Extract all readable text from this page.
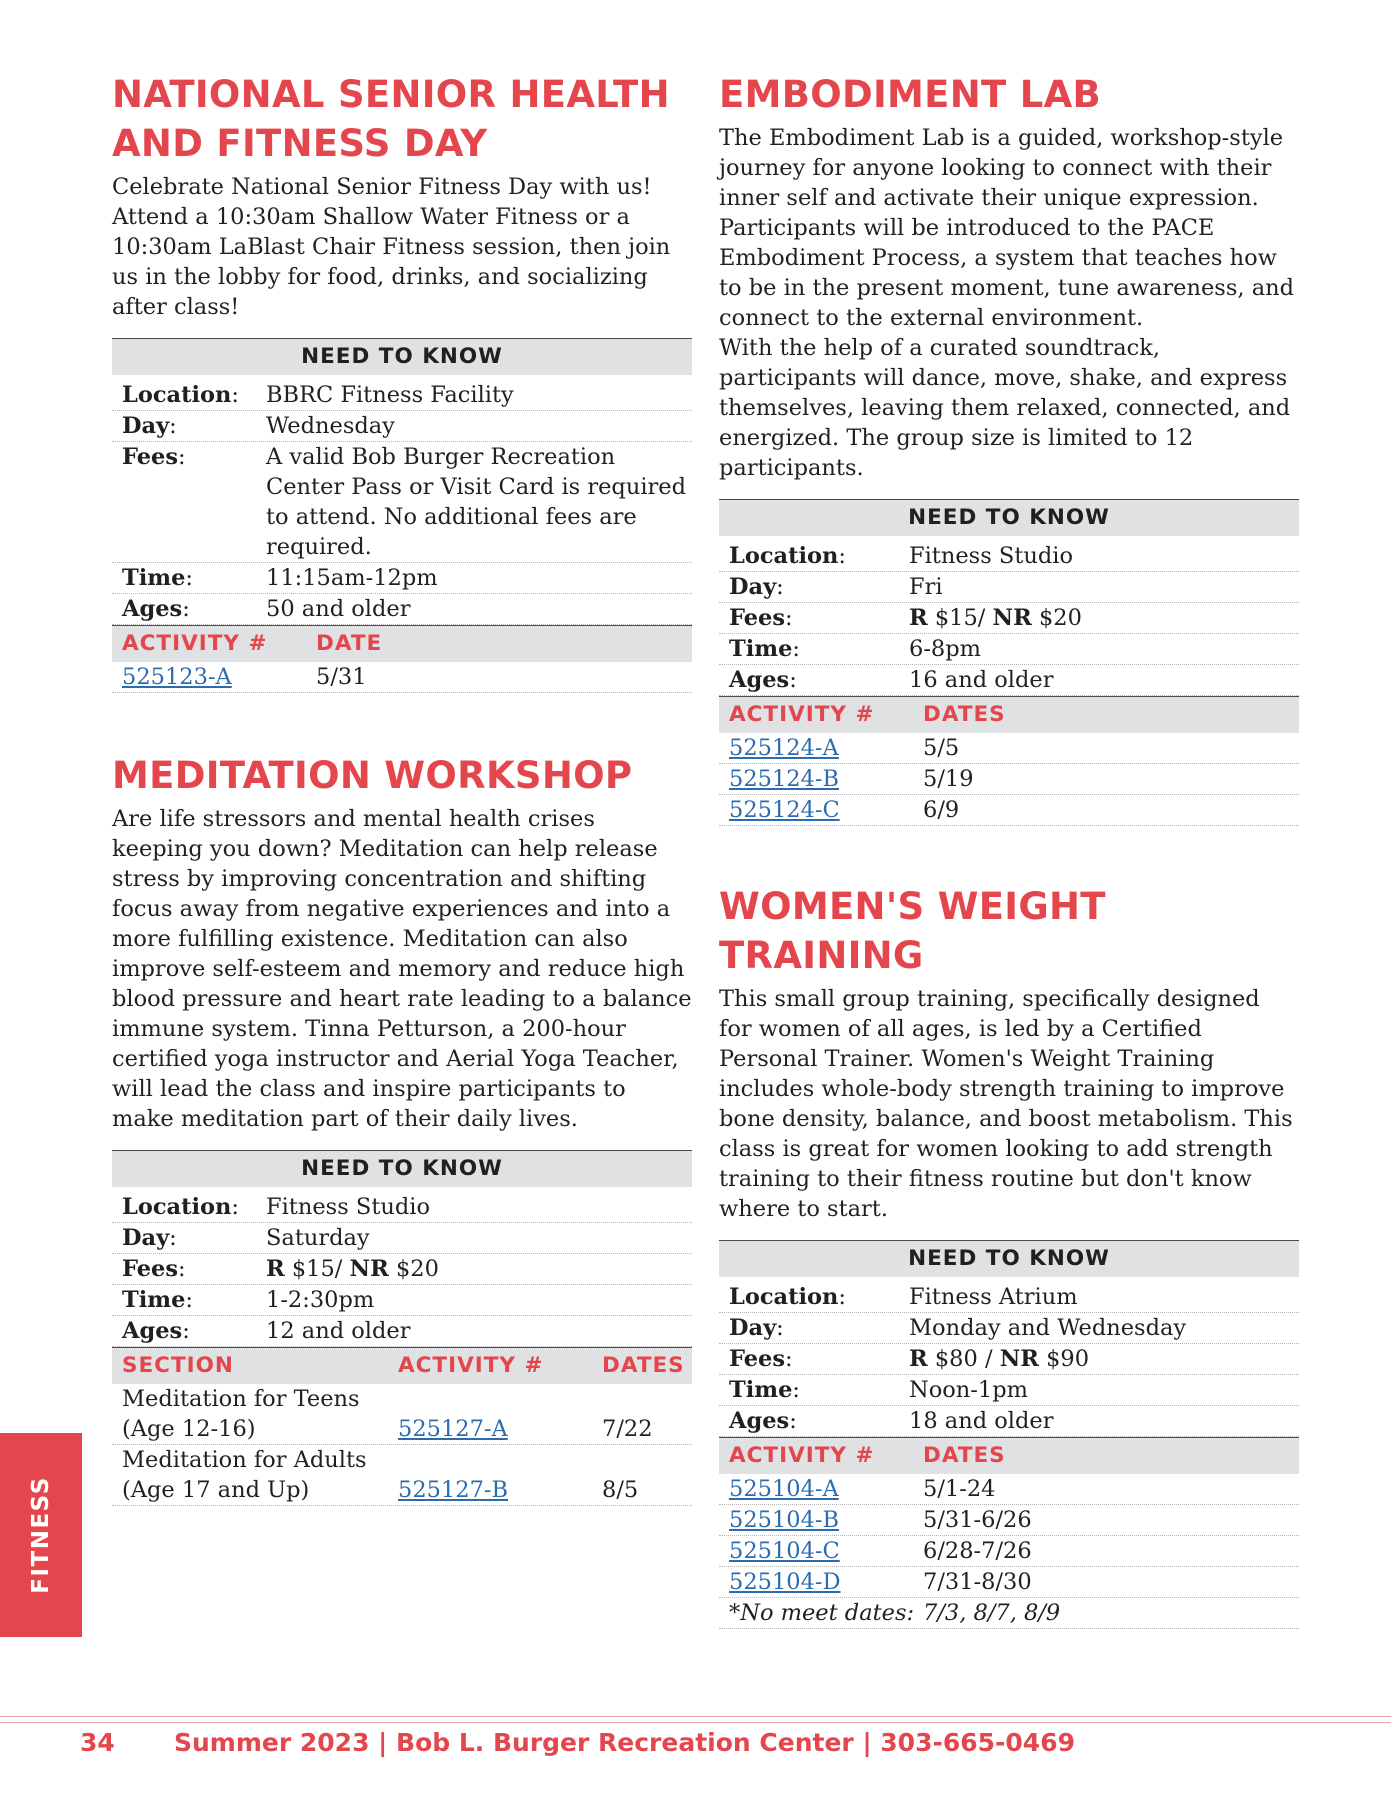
NATIONAL SENIOR HEALTH
AND FITNESS DAY

Celebrate National Senior Fitness Day with us! Attend a 10:30am Shallow Water Fitness or a 10:30am LaBlast Chair Fitness session, then join us in the lobby for food, drinks, and socializing after class!

NEED TO KNOW
Location:	BBRC Fitness Facility
Day:	Wednesday
Fees:	A valid Bob Burger Recreation Center Pass or Visit Card is required to attend. No additional fees are required.
Time:	11:15am-12pm
Ages:	50 and older
ACTIVITY #	DATE
525123-A	5/31
MEDITATION WORKSHOP

Are life stressors and mental health crises keeping you down? Meditation can help release stress by improving concentration and shifting focus away from negative experiences and into a more fulfilling existence. Meditation can also improve self-esteem and memory and reduce high blood pressure and heart rate leading to a balance immune system. Tinna Petturson, a 200-hour certified yoga instructor and Aerial Yoga Teacher, will lead the class and inspire participants to make meditation part of their daily lives.

NEED TO KNOW
Location:	Fitness Studio
Day:	Saturday
Fees:	R $15/ NR $20
Time:	1-2:30pm
Ages:	12 and older
SECTION	ACTIVITY #	DATES
Meditation for Teens
(Age 12-16)	525127-A	7/22
Meditation for Adults
(Age 17 and Up)	525127-B	8/5
EMBODIMENT LAB

The Embodiment Lab is a guided, workshop-style journey for anyone looking to connect with their inner self and activate their unique expression. Participants will be introduced to the PACE Embodiment Process, a system that teaches how to be in the present moment, tune awareness, and connect to the external environment.
With the help of a curated soundtrack, participants will dance, move, shake, and express themselves, leaving them relaxed, connected, and energized. The group size is limited to 12 participants.

NEED TO KNOW
Location:	Fitness Studio
Day:	Fri
Fees:	R $15/ NR $20
Time:	6-8pm
Ages:	16 and older
ACTIVITY #	DATES
525124-A	5/5
525124-B	5/19
525124-C	6/9
WOMEN'S WEIGHT TRAINING

This small group training, specifically designed for women of all ages, is led by a Certified Personal Trainer. Women's Weight Training includes whole-body strength training to improve bone density, balance, and boost metabolism. This class is great for women looking to add strength training to their fitness routine but don't know where to start.

NEED TO KNOW
Location:	Fitness Atrium
Day:	Monday and Wednesday
Fees:	R $80 / NR $90
Time:	Noon-1pm
Ages:	18 and older
ACTIVITY #	DATES
525104-A	5/1-24
525104-B	5/31-6/26
525104-C	6/28-7/26
525104-D	7/31-8/30
*No meet dates: 7/3, 8/7, 8/9
FITNESS
34 Summer 2023 | Bob L. Burger Recreation Center | 303-665-0469
